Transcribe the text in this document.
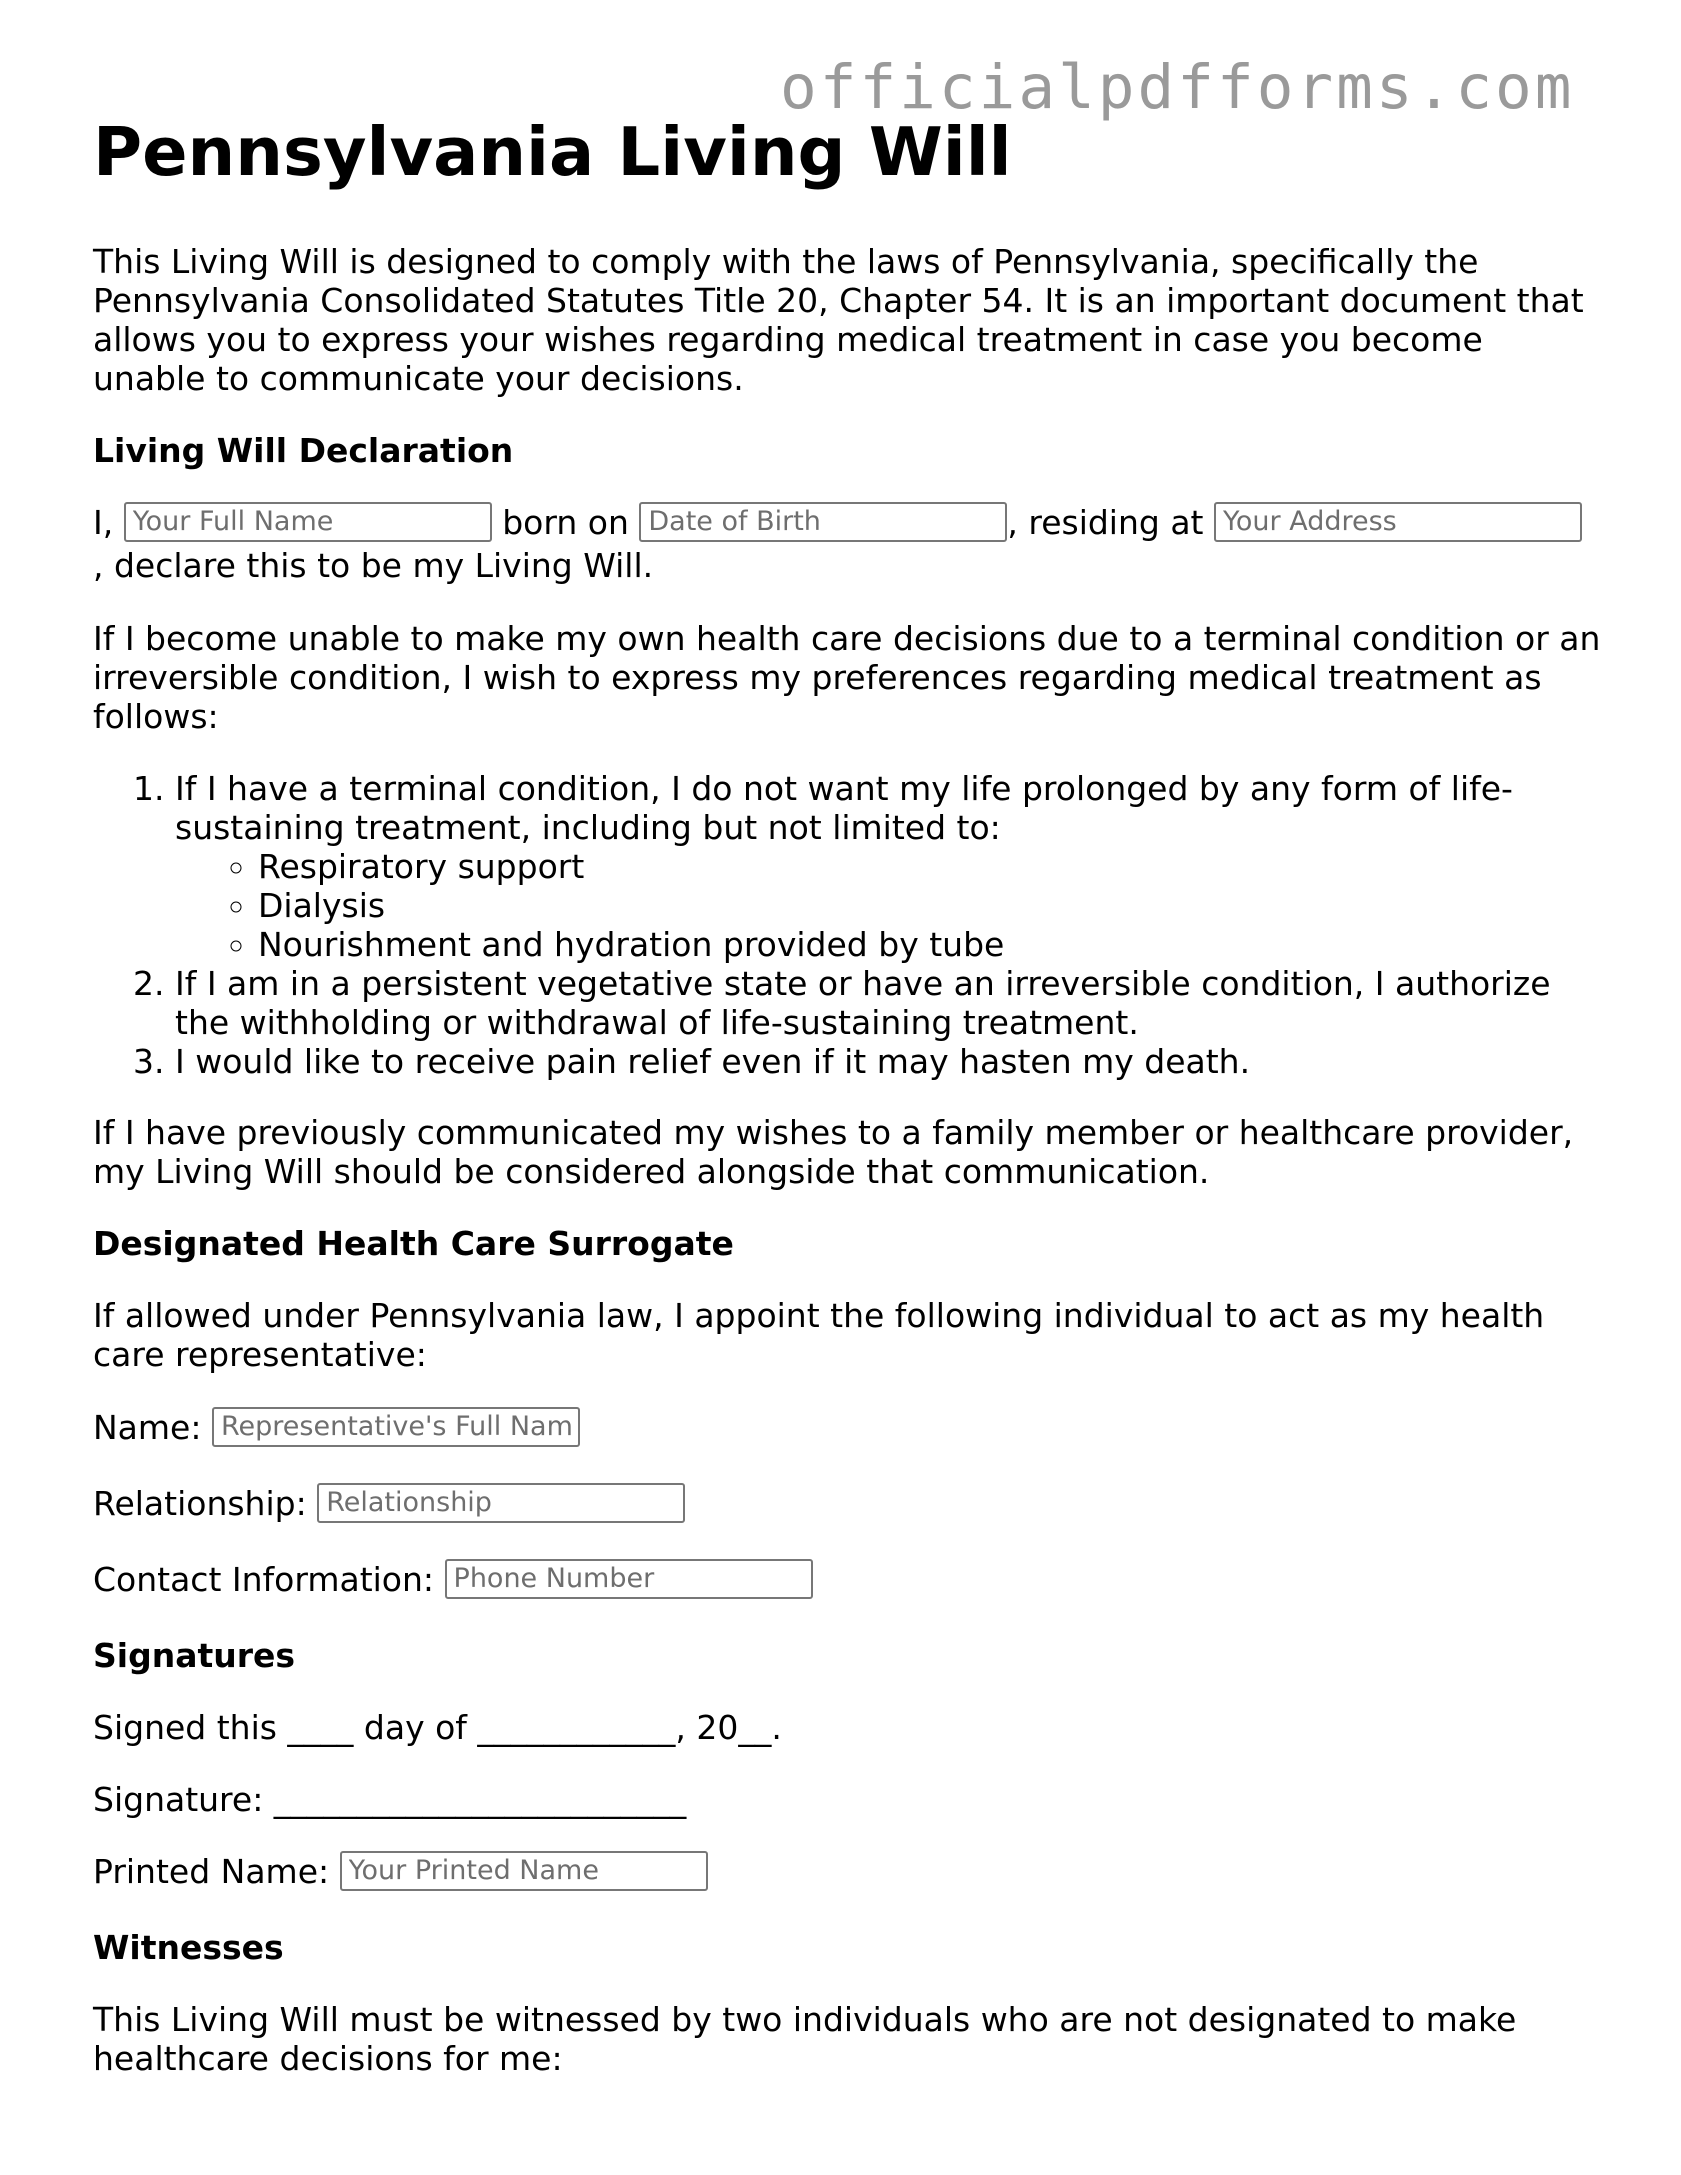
officialpdfforms.com
Pennsylvania Living Will
This Living Will is designed to comply with the laws of Pennsylvania, specifically the Pennsylvania Consolidated Statutes Title 20, Chapter 54. It is an important document that allows you to express your wishes regarding medical treatment in case you become unable to communicate your decisions.
Living Will Declaration
I, Your Full Name	born on Date of Birth	, residing at Your Address
, declare this to be my Living Will.
If I become unable to make my own health care decisions due to a terminal condition or an irreversible condition, I wish to express my preferences regarding medical treatment as follows:
1. If I have a terminal condition, I do not want my life prolonged by any form of life-sustaining treatment, including but not limited to:
◦ Respiratory support
◦ Dialysis
◦ Nourishment and hydration provided by tube
2. If I am in a persistent vegetative state or have an irreversible condition, I authorize the withholding or withdrawal of life-sustaining treatment.
3. I would like to receive pain relief even if it may hasten my death.
If I have previously communicated my wishes to a family member or healthcare provider, my Living Will should be considered alongside that communication.
Designated Health Care Surrogate
If allowed under Pennsylvania law, I appoint the following individual to act as my health care representative:
Name: Representative's Full Name
Relationship: Relationship
Contact Information: Phone Number
Signatures
Signed this ____ day of ____________, 20__.
Signature: _________________________
Printed Name: Your Printed Name
Witnesses
This Living Will must be witnessed by two individuals who are not designated to make healthcare decisions for me:
